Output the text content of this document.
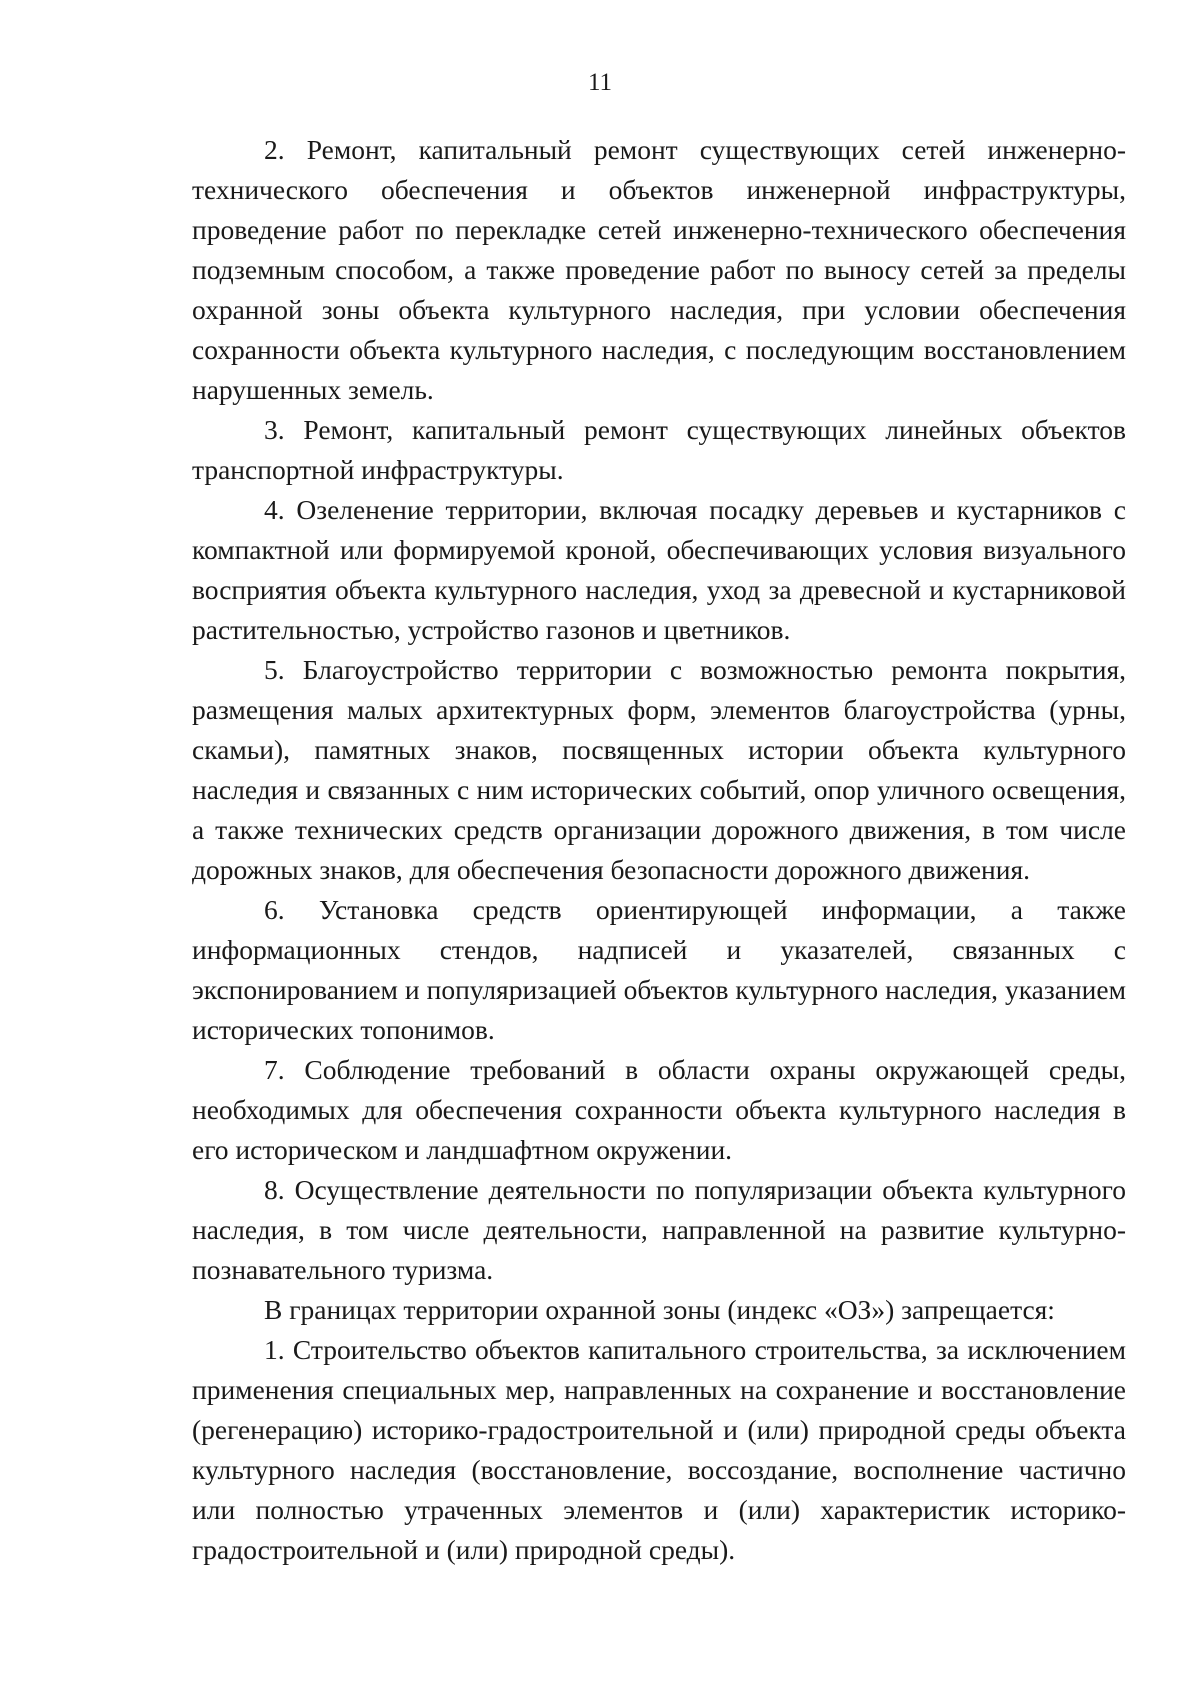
11

2. Ремонт, капитальный ремонт существующих сетей инженерно-технического обеспечения и объектов инженерной инфраструктуры, проведение работ по перекладке сетей инженерно-технического обеспечения подземным способом, а также проведение работ по выносу сетей за пределы охранной зоны объекта культурного наследия, при условии обеспечения сохранности объекта культурного наследия, с последующим восстановлением нарушенных земель.

3. Ремонт, капитальный ремонт существующих линейных объектов транспортной инфраструктуры.

4. Озеленение территории, включая посадку деревьев и кустарников с компактной или формируемой кроной, обеспечивающих условия визуального восприятия объекта культурного наследия, уход за древесной и кустарниковой растительностью, устройство газонов и цветников.

5. Благоустройство территории с возможностью ремонта покрытия, размещения малых архитектурных форм, элементов благоустройства (урны, скамьи), памятных знаков, посвященных истории объекта культурного наследия и связанных с ним исторических событий, опор уличного освещения, а также технических средств организации дорожного движения, в том числе дорожных знаков, для обеспечения безопасности дорожного движения.

6. Установка средств ориентирующей информации, а также информационных стендов, надписей и указателей, связанных с экспонированием и популяризацией объектов культурного наследия, указанием исторических топонимов.

7. Соблюдение требований в области охраны окружающей среды, необходимых для обеспечения сохранности объекта культурного наследия в его историческом и ландшафтном окружении.

8. Осуществление деятельности по популяризации объекта культурного наследия, в том числе деятельности, направленной на развитие культурно-познавательного туризма.

В границах территории охранной зоны (индекс «ОЗ») запрещается:

1. Строительство объектов капитального строительства, за исключением применения специальных мер, направленных на сохранение и восстановление (регенерацию) историко-градостроительной и (или) природной среды объекта культурного наследия (восстановление, воссоздание, восполнение частично или полностью утраченных элементов и (или) характеристик историко-градостроительной и (или) природной среды).
